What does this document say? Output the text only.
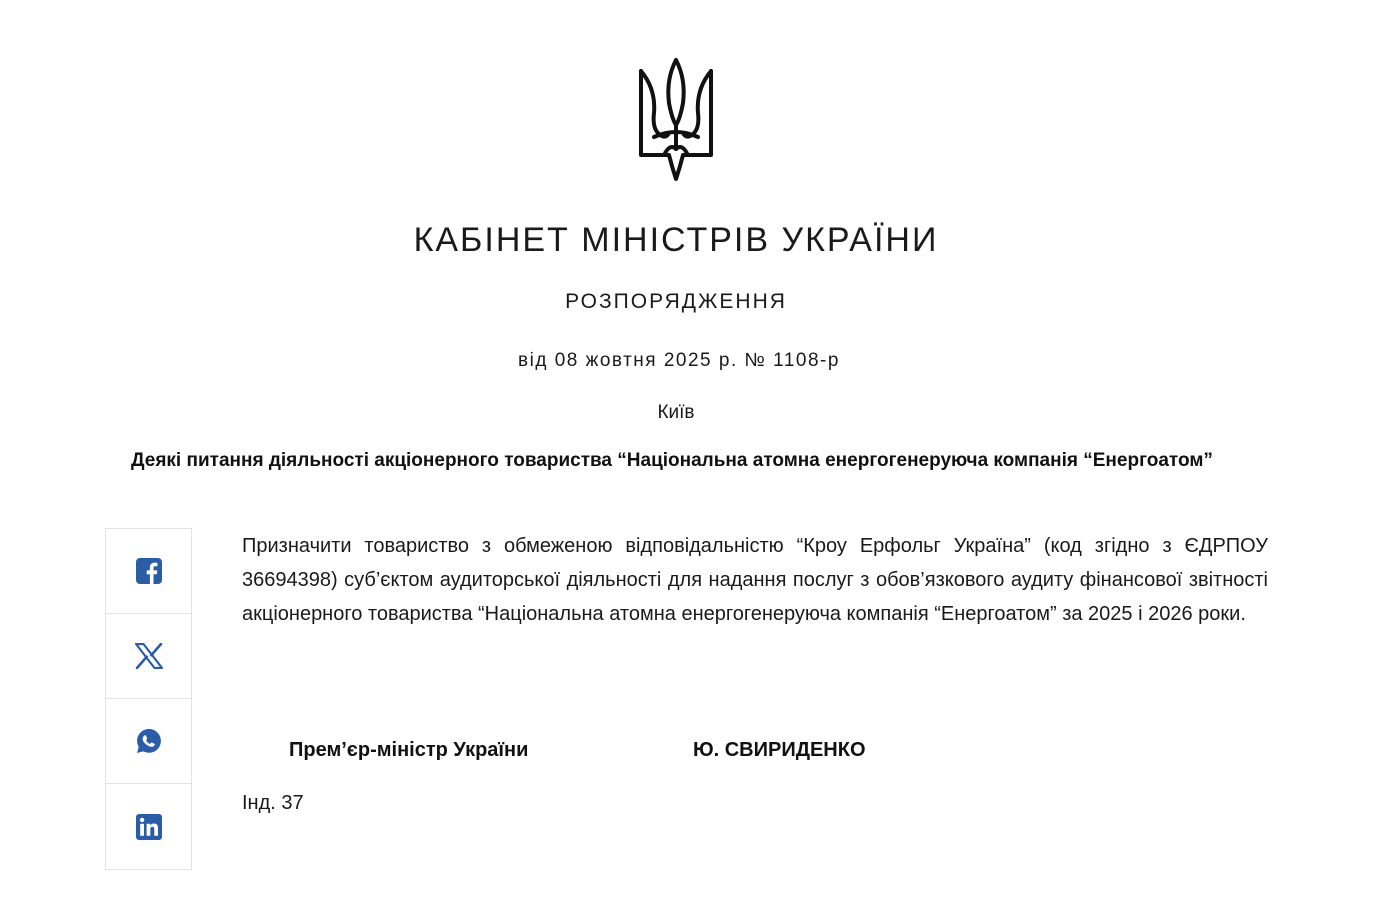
КАБІНЕТ МІНІСТРІВ УКРАЇНИ
РОЗПОРЯДЖЕННЯ
від 08 жовтня 2025 р. № 1108-р
Київ
Деякі питання діяльності акціонерного товариства “Національна атомна енергогенеруюча компанія “Енергоатом”

Призначити товариство з обмеженою відповідальністю “Кроу Ерфольг Україна” (код згідно з ЄДРПОУ 36694398) суб’єктом аудиторської діяльності для надання послуг з обов’язкового аудиту фінансової звітності акціонерного товариства “Національна атомна енергогенеруюча компанія “Енергоатом” за 2025 і 2026 роки.

Прем’єр-міністр України	Ю. СВИРИДЕНКО
Інд. 37
